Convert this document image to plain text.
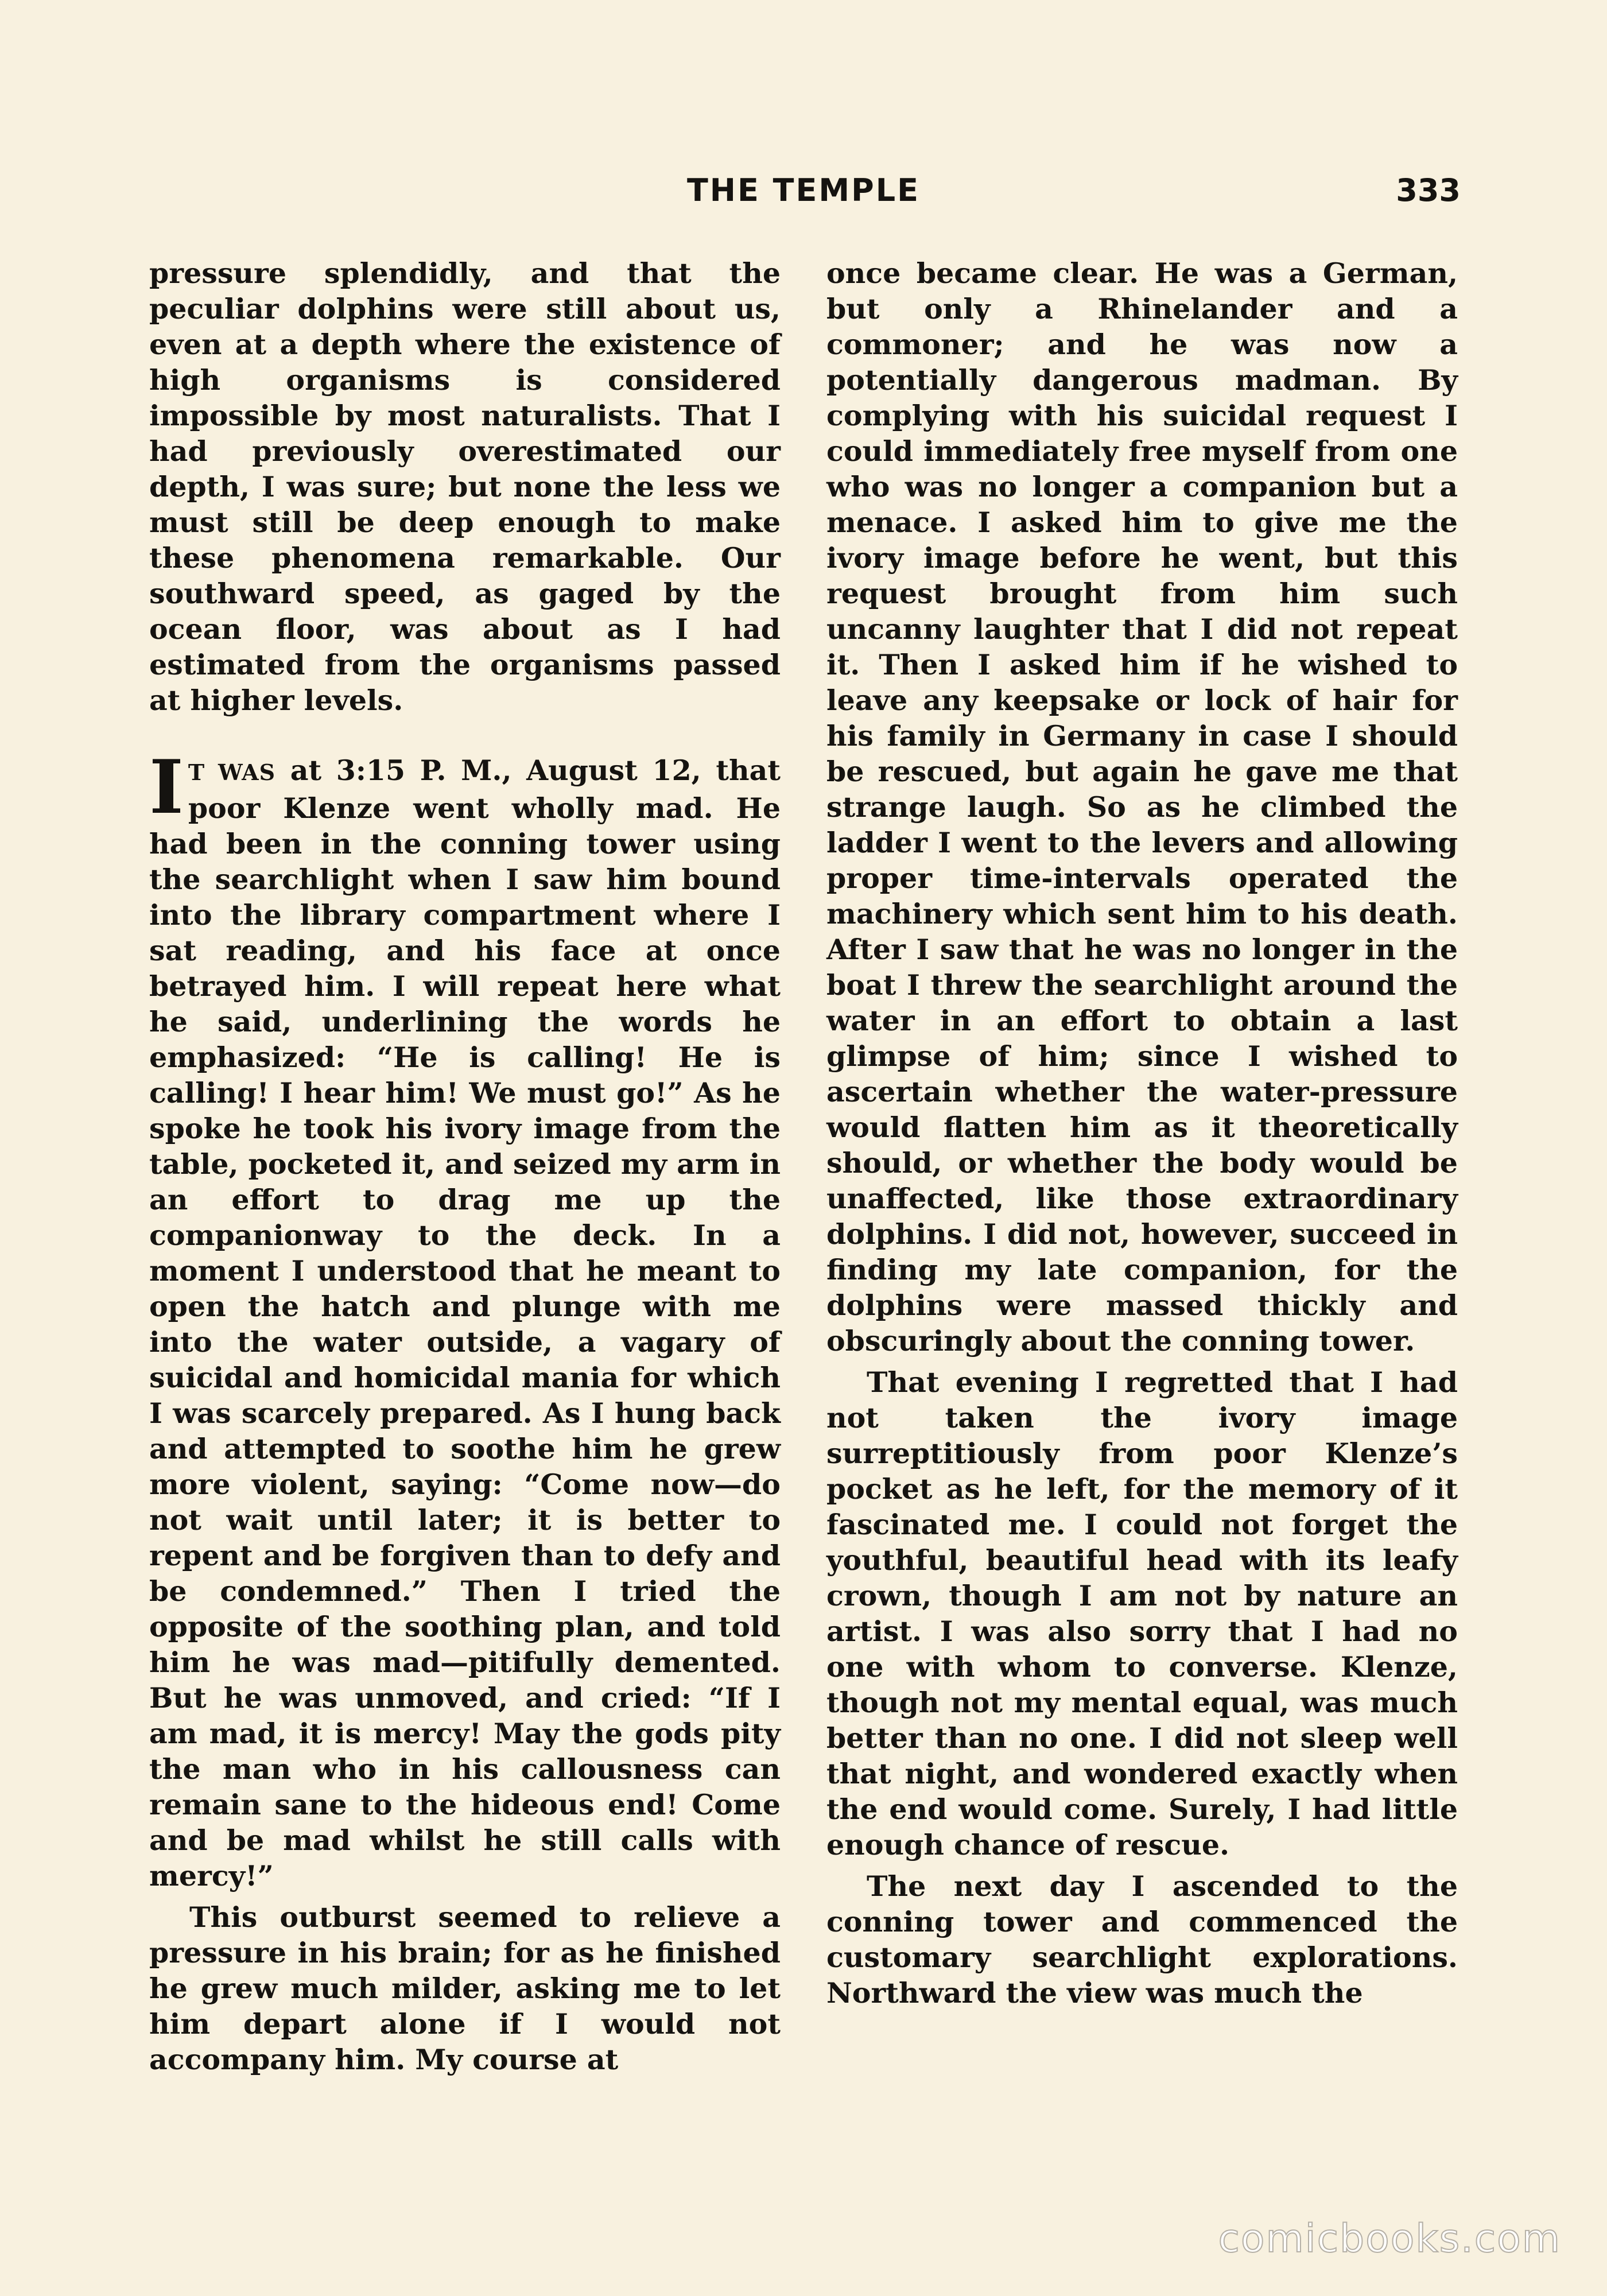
THE TEMPLE	333

pressure splendidly, and that the peculiar dolphins were still about us, even at a depth where the existence of high organisms is considered impossible by most naturalists. That I had previously overestimated our depth, I was sure; but none the less we must still be deep enough to make these phenomena remarkable. Our southward speed, as gaged by the ocean floor, was about as I had estimated from the organisms passed at higher levels.

I T WAS at 3:15 P. M., August 12, that poor Klenze went wholly mad. He had been in the conning tower using the searchlight when I saw him bound into the library compartment where I sat reading, and his face at once betrayed him. I will repeat here what he said, underlining the words he emphasized: “He is calling! He is calling! I hear him! We must go!” As he spoke he took his ivory image from the table, pocketed it, and seized my arm in an effort to drag me up the companionway to the deck. In a moment I understood that he meant to open the hatch and plunge with me into the water outside, a vagary of suicidal and homicidal mania for which I was scarcely prepared. As I hung back and attempted to soothe him he grew more violent, saying: “Come now—do not wait until later; it is better to repent and be forgiven than to defy and be condemned.” Then I tried the opposite of the soothing plan, and told him he was mad—pitifully demented. But he was unmoved, and cried: “If I am mad, it is mercy! May the gods pity the man who in his callousness can remain sane to the hideous end! Come and be mad whilst he still calls with mercy!”

This outburst seemed to relieve a pressure in his brain; for as he finished he grew much milder, asking me to let him depart alone if I would not accompany him. My course at

once became clear. He was a German, but only a Rhinelander and a commoner; and he was now a potentially dangerous madman. By complying with his suicidal request I could immediately free myself from one who was no longer a companion but a menace. I asked him to give me the ivory image before he went, but this request brought from him such uncanny laughter that I did not repeat it. Then I asked him if he wished to leave any keepsake or lock of hair for his family in Germany in case I should be rescued, but again he gave me that strange laugh. So as he climbed the ladder I went to the levers and allowing proper time-intervals operated the machinery which sent him to his death. After I saw that he was no longer in the boat I threw the searchlight around the water in an effort to obtain a last glimpse of him; since I wished to ascertain whether the water-pressure would flatten him as it theoretically should, or whether the body would be unaffected, like those extraordinary dolphins. I did not, however, succeed in finding my late companion, for the dolphins were massed thickly and obscuringly about the conning tower.

That evening I regretted that I had not taken the ivory image surreptitiously from poor Klenze’s pocket as he left, for the memory of it fascinated me. I could not forget the youthful, beautiful head with its leafy crown, though I am not by nature an artist. I was also sorry that I had no one with whom to converse. Klenze, though not my mental equal, was much better than no one. I did not sleep well that night, and wondered exactly when the end would come. Surely, I had little enough chance of rescue.

The next day I ascended to the conning tower and commenced the customary searchlight explorations. Northward the view was much the

comicbooks.com
